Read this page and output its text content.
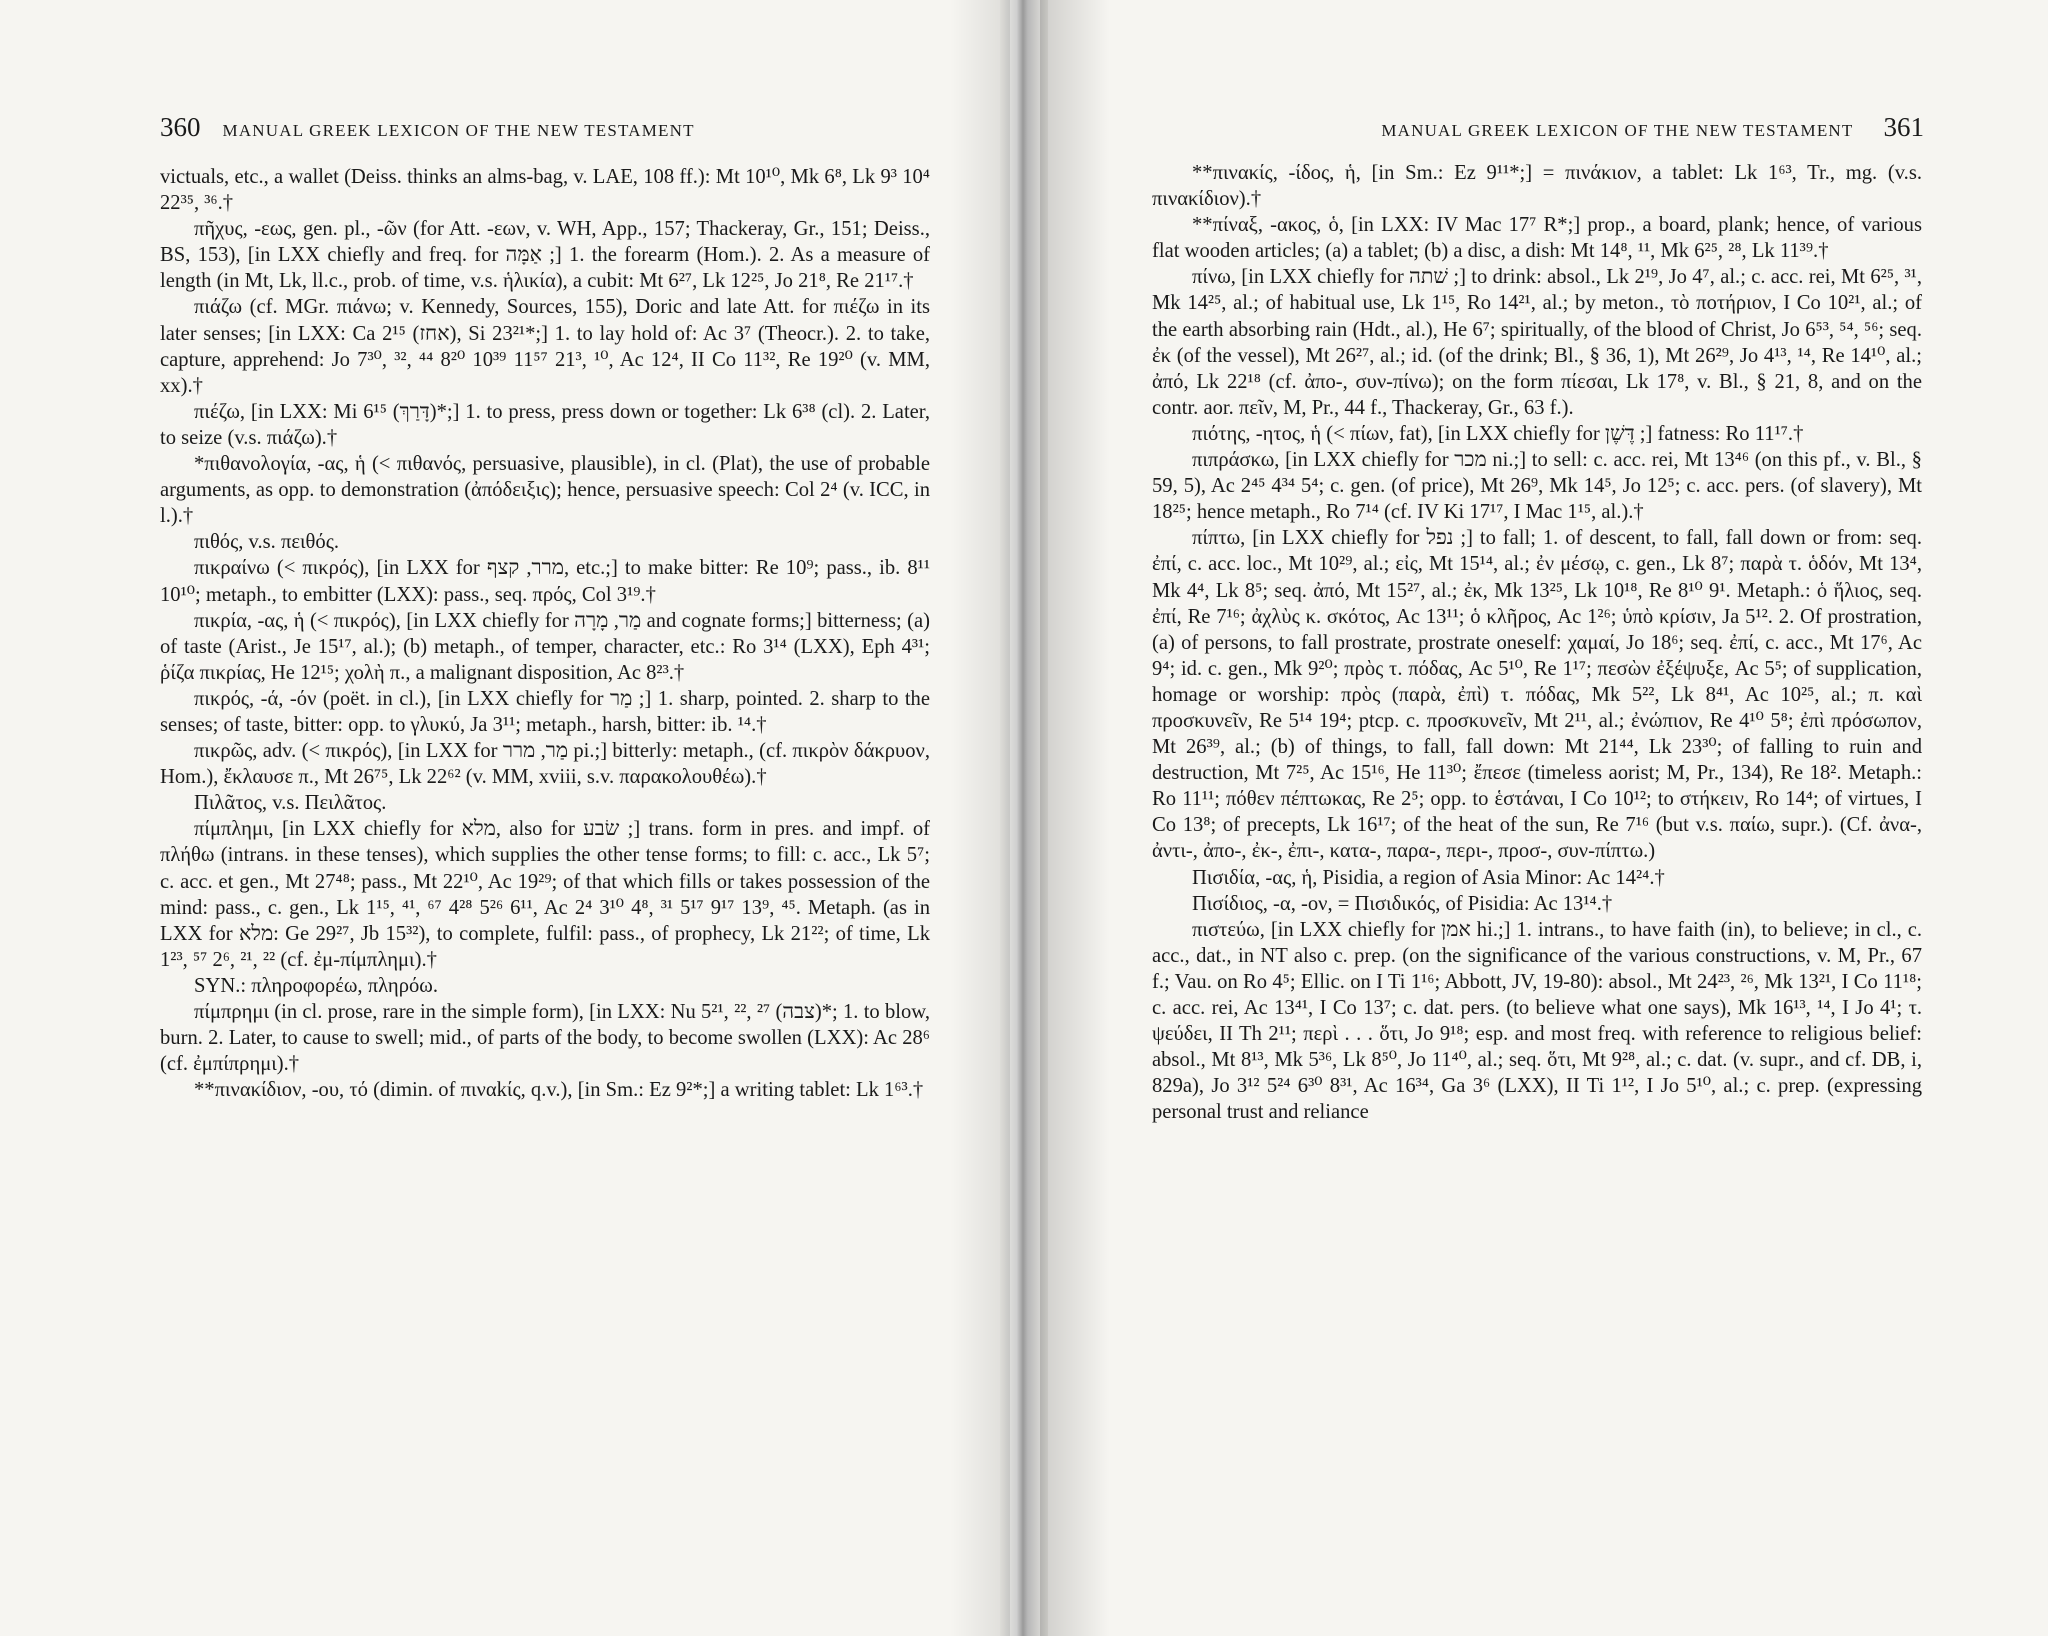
360 MANUAL GREEK LEXICON OF THE NEW TESTAMENT

victuals, etc., a wallet (Deiss. thinks an alms-bag, v. LAE, 108 ff.): Mt 10¹⁰, Mk 6⁸, Lk 9³ 10⁴ 22³⁵, ³⁶.†

πῆχυς, -εως, gen. pl., -ῶν (for Att. -εων, v. WH, App., 157; Thackeray, Gr., 151; Deiss., BS, 153), [in LXX chiefly and freq. for אַמָּה ;] 1. the forearm (Hom.). 2. As a measure of length (in Mt, Lk, ll.c., prob. of time, v.s. ἡλικία), a cubit: Mt 6²⁷, Lk 12²⁵, Jo 21⁸, Re 21¹⁷.†

πιάζω (cf. MGr. πιάνω; v. Kennedy, Sources, 155), Doric and late Att. for πιέζω in its later senses; [in LXX: Ca 2¹⁵ (אחז), Si 23²¹*;] 1. to lay hold of: Ac 3⁷ (Theocr.). 2. to take, capture, apprehend: Jo 7³⁰, ³², ⁴⁴ 8²⁰ 10³⁹ 11⁵⁷ 21³, ¹⁰, Ac 12⁴, II Co 11³², Re 19²⁰ (v. MM, xx).†

πιέζω, [in LXX: Mi 6¹⁵ (דָּרַךְ)*;] 1. to press, press down or together: Lk 6³⁸ (cl). 2. Later, to seize (v.s. πιάζω).†

*πιθανολογία, -ας, ἡ (< πιθανός, persuasive, plausible), in cl. (Plat), the use of probable arguments, as opp. to demonstration (ἀπόδειξις); hence, persuasive speech: Col 2⁴ (v. ICC, in l.).†

πιθός, v.s. πειθός.

πικραίνω (< πικρός), [in LXX for מרר, קצף, etc.;] to make bitter: Re 10⁹; pass., ib. 8¹¹ 10¹⁰; metaph., to embitter (LXX): pass., seq. πρός, Col 3¹⁹.†

πικρία, -ας, ἡ (< πικρός), [in LXX chiefly for מַר, מָרָה and cognate forms;] bitterness; (a) of taste (Arist., Je 15¹⁷, al.); (b) metaph., of temper, character, etc.: Ro 3¹⁴ (LXX), Eph 4³¹; ῥίζα πικρίας, He 12¹⁵; χολὴ π., a malignant disposition, Ac 8²³.†

πικρός, -ά, -όν (poët. in cl.), [in LXX chiefly for מַר ;] 1. sharp, pointed. 2. sharp to the senses; of taste, bitter: opp. to γλυκύ, Ja 3¹¹; metaph., harsh, bitter: ib. ¹⁴.†

πικρῶς, adv. (< πικρός), [in LXX for מַר, מרר pi.;] bitterly: metaph., (cf. πικρὸν δάκρυον, Hom.), ἔκλαυσε π., Mt 26⁷⁵, Lk 22⁶² (v. MM, xviii, s.v. παρακολουθέω).†

Πιλᾶτος, v.s. Πειλᾶτος.

πίμπλημι, [in LXX chiefly for מלא, also for שׂבע ;] trans. form in pres. and impf. of πλήθω (intrans. in these tenses), which supplies the other tense forms; to fill: c. acc., Lk 5⁷; c. acc. et gen., Mt 27⁴⁸; pass., Mt 22¹⁰, Ac 19²⁹; of that which fills or takes possession of the mind: pass., c. gen., Lk 1¹⁵, ⁴¹, ⁶⁷ 4²⁸ 5²⁶ 6¹¹, Ac 2⁴ 3¹⁰ 4⁸, ³¹ 5¹⁷ 9¹⁷ 13⁹, ⁴⁵. Metaph. (as in LXX for מלא: Ge 29²⁷, Jb 15³²), to complete, fulfil: pass., of prophecy, Lk 21²²; of time, Lk 1²³, ⁵⁷ 2⁶, ²¹, ²² (cf. ἐμ-πίμπλημι).†

SYN.: πληροφορέω, πληρόω.

πίμπρημι (in cl. prose, rare in the simple form), [in LXX: Nu 5²¹, ²², ²⁷ (צבה)*; 1. to blow, burn. 2. Later, to cause to swell; mid., of parts of the body, to become swollen (LXX): Ac 28⁶ (cf. ἐμπίπρημι).†

**πινακίδιον, -ου, τό (dimin. of πιναkίς, q.v.), [in Sm.: Ez 9²*;] a writing tablet: Lk 1⁶³.†

MANUAL GREEK LEXICON OF THE NEW TESTAMENT 361

**πινακίς, -ίδος, ἡ, [in Sm.: Ez 9¹¹*;] = πινάκιον, a tablet: Lk 1⁶³, Tr., mg. (v.s. πινακίδιον).†

**πίναξ, -ακος, ὁ, [in LXX: IV Mac 17⁷ R*;] prop., a board, plank; hence, of various flat wooden articles; (a) a tablet; (b) a disc, a dish: Mt 14⁸, ¹¹, Mk 6²⁵, ²⁸, Lk 11³⁹.†

πίνω, [in LXX chiefly for שׁתה ;] to drink: absol., Lk 2¹⁹, Jo 4⁷, al.; c. acc. rei, Mt 6²⁵, ³¹, Mk 14²⁵, al.; of habitual use, Lk 1¹⁵, Ro 14²¹, al.; by meton., τὸ ποτήριον, I Co 10²¹, al.; of the earth absorbing rain (Hdt., al.), He 6⁷; spiritually, of the blood of Christ, Jo 6⁵³, ⁵⁴, ⁵⁶; seq. ἐκ (of the vessel), Mt 26²⁷, al.; id. (of the drink; Bl., § 36, 1), Mt 26²⁹, Jo 4¹³, ¹⁴, Re 14¹⁰, al.; ἀπό, Lk 22¹⁸ (cf. ἀπο-, συν-πίνω); on the form πίεσαι, Lk 17⁸, v. Bl., § 21, 8, and on the contr. aor. πεῖν, M, Pr., 44 f., Thackeray, Gr., 63 f.).

πιότης, -ητος, ἡ (< πίων, fat), [in LXX chiefly for דֶּשֶׁן ;] fatness: Ro 11¹⁷.†

πιπράσκω, [in LXX chiefly for מכר ni.;] to sell: c. acc. rei, Mt 13⁴⁶ (on this pf., v. Bl., § 59, 5), Ac 2⁴⁵ 4³⁴ 5⁴; c. gen. (of price), Mt 26⁹, Mk 14⁵, Jo 12⁵; c. acc. pers. (of slavery), Mt 18²⁵; hence metaph., Ro 7¹⁴ (cf. IV Ki 17¹⁷, I Mac 1¹⁵, al.).†

πίπτω, [in LXX chiefly for נפל ;] to fall; 1. of descent, to fall, fall down or from: seq. ἐπί, c. acc. loc., Mt 10²⁹, al.; εἰς, Mt 15¹⁴, al.; ἐν μέσῳ, c. gen., Lk 8⁷; παρὰ τ. ὁδόν, Mt 13⁴, Mk 4⁴, Lk 8⁵; seq. ἀπό, Mt 15²⁷, al.; ἐκ, Mk 13²⁵, Lk 10¹⁸, Re 8¹⁰ 9¹. Metaph.: ὁ ἥλιος, seq. ἐπί, Re 7¹⁶; ἀχλὺς κ. σκότος, Ac 13¹¹; ὁ κλῆρος, Ac 1²⁶; ὑπὸ κρίσιν, Ja 5¹². 2. Of prostration, (a) of persons, to fall prostrate, prostrate oneself: χαμαί, Jo 18⁶; seq. ἐπί, c. acc., Mt 17⁶, Ac 9⁴; id. c. gen., Mk 9²⁰; πρὸς τ. πόδας, Ac 5¹⁰, Re 1¹⁷; πεσὼν ἐξέψυξε, Ac 5⁵; of supplication, homage or worship: πρὸς (παρὰ, ἐπὶ) τ. πόδας, Mk 5²², Lk 8⁴¹, Ac 10²⁵, al.; π. καὶ προσκυνεῖν, Re 5¹⁴ 19⁴; ptcp. c. προσκυνεῖν, Mt 2¹¹, al.; ἐνώπιον, Re 4¹⁰ 5⁸; ἐπὶ πρόσωπον, Mt 26³⁹, al.; (b) of things, to fall, fall down: Mt 21⁴⁴, Lk 23³⁰; of falling to ruin and destruction, Mt 7²⁵, Ac 15¹⁶, He 11³⁰; ἔπεσε (timeless aorist; M, Pr., 134), Re 18². Metaph.: Ro 11¹¹; πόθεν πέπτωκας, Re 2⁵; opp. to ἑστάναι, I Co 10¹²; to στήκειν, Ro 14⁴; of virtues, I Co 13⁸; of precepts, Lk 16¹⁷; of the heat of the sun, Re 7¹⁶ (but v.s. παίω, supr.). (Cf. ἀνα-, ἀντι-, ἀπο-, ἐκ-, ἐπι-, κατα-, παρα-, περι-, προσ-, συν-πίπτω.)

Πισιδία, -ας, ἡ, Pisidia, a region of Asia Minor: Ac 14²⁴.†

Πισίδιος, -α, -ον, = Πισιδικός, of Pisidia: Ac 13¹⁴.†

πιστεύω, [in LXX chiefly for אמן hi.;] 1. intrans., to have faith (in), to believe; in cl., c. acc., dat., in NT also c. prep. (on the significance of the various constructions, v. M, Pr., 67 f.; Vau. on Ro 4⁵; Ellic. on I Ti 1¹⁶; Abbott, JV, 19-80): absol., Mt 24²³, ²⁶, Mk 13²¹, I Co 11¹⁸; c. acc. rei, Ac 13⁴¹, I Co 13⁷; c. dat. pers. (to believe what one says), Mk 16¹³, ¹⁴, I Jo 4¹; τ. ψεύδει, II Th 2¹¹; περὶ . . . ὅτι, Jo 9¹⁸; esp. and most freq. with reference to religious belief: absol., Mt 8¹³, Mk 5³⁶, Lk 8⁵⁰, Jo 11⁴⁰, al.; seq. ὅτι, Mt 9²⁸, al.; c. dat. (v. supr., and cf. DB, i, 829a), Jo 3¹² 5²⁴ 6³⁰ 8³¹, Ac 16³⁴, Ga 3⁶ (LXX), II Ti 1¹², I Jo 5¹⁰, al.; c. prep. (expressing personal trust and reliance
